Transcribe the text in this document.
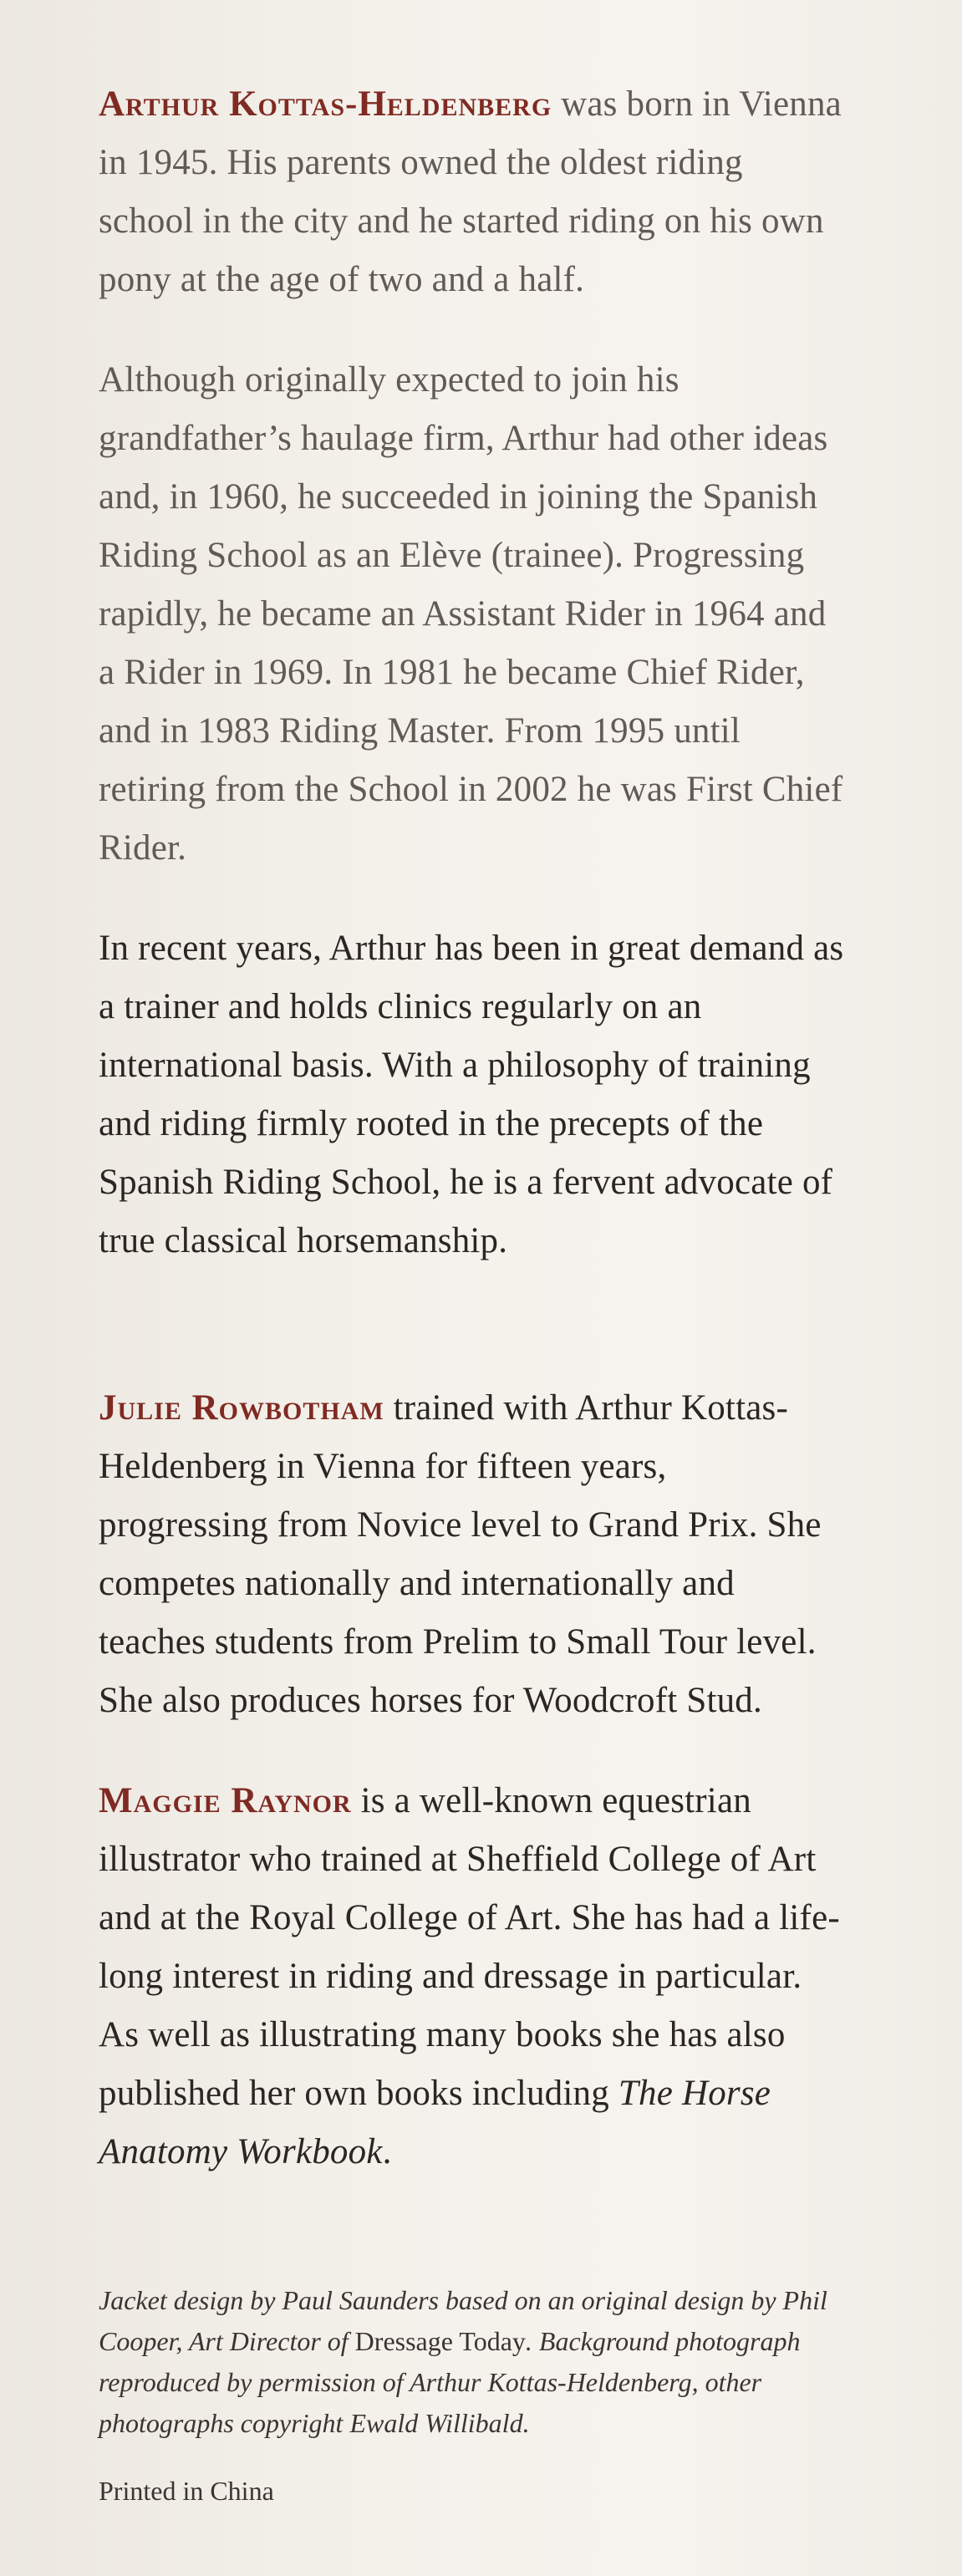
Arthur Kottas-Heldenberg was born in Vienna in 1945. His parents owned the oldest riding school in the city and he started riding on his own pony at the age of two and a half.

Although originally expected to join his grandfather’s haulage firm, Arthur had other ideas and, in 1960, he succeeded in joining the Spanish Riding School as an Elève (trainee). Progressing rapidly, he became an Assistant Rider in 1964 and a Rider in 1969. In 1981 he became Chief Rider, and in 1983 Riding Master. From 1995 until retiring from the School in 2002 he was First Chief Rider.

In recent years, Arthur has been in great demand as a trainer and holds clinics regularly on an international basis. With a philosophy of training and riding firmly rooted in the precepts of the Spanish Riding School, he is a fervent advocate of true classical horsemanship.

Julie Rowbotham trained with Arthur Kottas-Heldenberg in Vienna for fifteen years, progressing from Novice level to Grand Prix. She competes nationally and internationally and teaches students from Prelim to Small Tour level. She also produces horses for Woodcroft Stud.

Maggie Raynor is a well-known equestrian illustrator who trained at Sheffield College of Art and at the Royal College of Art. She has had a life-long interest in riding and dressage in particular. As well as illustrating many books she has also published her own books including The Horse Anatomy Workbook.

Jacket design by Paul Saunders based on an original design by Phil Cooper, Art Director of Dressage Today. Background photograph reproduced by permission of Arthur Kottas-Heldenberg, other photographs copyright Ewald Willibald.

Printed in China
